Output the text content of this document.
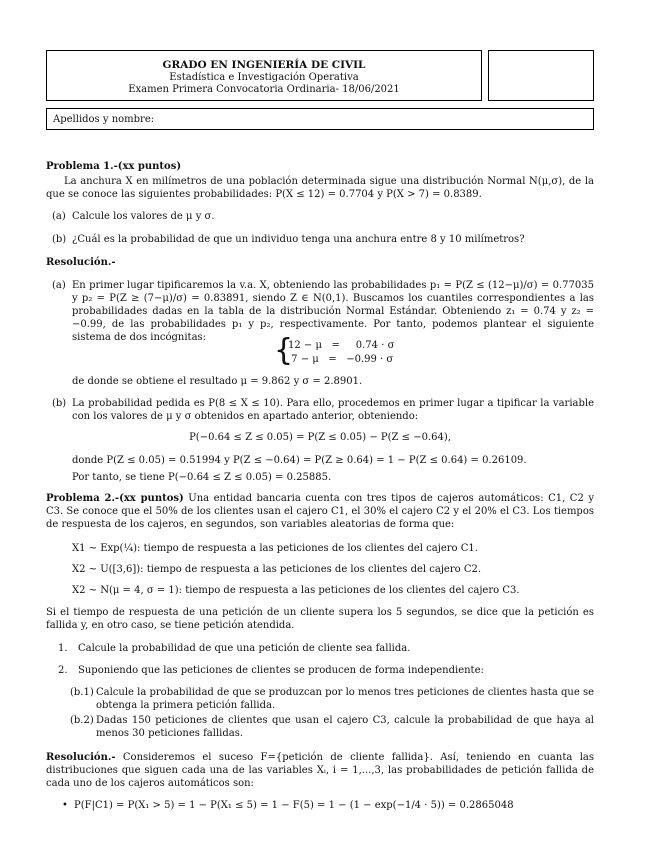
GRADO EN INGENIERÍA DE CIVIL
Estadística e Investigación Operativa
Examen Primera Convocatoria Ordinaria- 18/06/2021
Apellidos y nombre:
Problema 1.-(xx puntos)
La anchura X en milímetros de una población determinada sigue una distribución Normal N(μ,σ), de la que se conoce las siguientes probabilidades: P(X ≤ 12) = 0.7704 y P(X > 7) = 0.8389.
(a) Calcule los valores de μ y σ.
(b) ¿Cuál es la probabilidad de que un individuo tenga una anchura entre 8 y 10 milímetros?
Resolución.-
(a) En primer lugar tipificaremos la v.a. X, obteniendo las probabilidades p₁ = P(Z ≤ (12−μ)/σ) = 0.77035 y p₂ = P(Z ≥ (7−μ)/σ) = 0.83891, siendo Z ∈ N(0,1). Buscamos los cuantiles correspondientes a las probabilidades dadas en la tabla de la distribución Normal Estándar. Obteniendo z₁ = 0.74 y z₂ = −0.99, de las probabilidades p₁ y p₂, respectivamente. Por tanto, podemos plantear el siguiente sistema de dos incógnitas:	{
12 − μ   =     0.74 · σ
7 − μ   =   −0.99 · σ
de donde se obtiene el resultado μ = 9.862 y σ = 2.8901.
(b) La probabilidad pedida es P(8 ≤ X ≤ 10). Para ello, procedemos en primer lugar a tipificar la variable con los valores de μ y σ obtenidos en apartado anterior, obteniendo:
P(−0.64 ≤ Z ≤ 0.05) = P(Z ≤ 0.05) − P(Z ≤ −0.64),
donde P(Z ≤ 0.05) = 0.51994 y P(Z ≤ −0.64) = P(Z ≥ 0.64) = 1 − P(Z ≤ 0.64) = 0.26109.
Por tanto, se tiene P(−0.64 ≤ Z ≤ 0.05) = 0.25885.
Problema 2.-(xx puntos) Una entidad bancaria cuenta con tres tipos de cajeros automáticos: C1, C2 y C3. Se conoce que el 50% de los clientes usan el cajero C1, el 30% el cajero C2 y el 20% el C3. Los tiempos de respuesta de los cajeros, en segundos, son variables aleatorias de forma que:
X1 ∼ Exp(¼): tiempo de respuesta a las peticiones de los clientes del cajero C1.
X2 ∼ U([3,6]): tiempo de respuesta a las peticiones de los clientes del cajero C2.
X2 ∼ N(μ = 4, σ = 1): tiempo de respuesta a las peticiones de los clientes del cajero C3.
Si el tiempo de respuesta de una petición de un cliente supera los 5 segundos, se dice que la petición es fallida y, en otro caso, se tiene petición atendida.
1. Calcule la probabilidad de que una petición de cliente sea fallida.
2. Suponiendo que las peticiones de clientes se producen de forma independiente:
(b.1) Calcule la probabilidad de que se produzcan por lo menos tres peticiones de clientes hasta que se obtenga la primera petición fallida.
(b.2) Dadas 150 peticiones de clientes que usan el cajero C3, calcule la probabilidad de que haya al menos 30 peticiones fallidas.
Resolución.- Consideremos el suceso F={petición de cliente fallida}. Así, teniendo en cuanta las distribuciones que siguen cada una de las variables Xᵢ, i = 1,...,3, las probabilidades de petición fallida de cada uno de los cajeros automáticos son:
• P(F|C1) = P(X₁ > 5) = 1 − P(X₁ ≤ 5) = 1 − F(5) = 1 − (1 − exp(−1/4 · 5)) = 0.2865048
